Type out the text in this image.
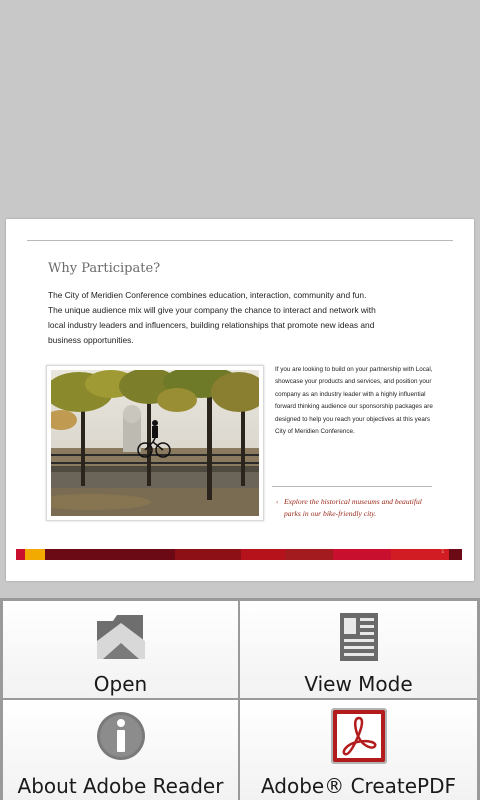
Why Participate?
The City of Meridien Conference combines education, interaction, community and fun. The unique audience mix will give your company the chance to interact and network with local industry leaders and influencers, building relationships that promote new ideas and business opportunities.
If you are looking to build on your partnership with Local, showcase your products and services, and position your company as an industry leader with a highly influential forward thinking audience our sponsorship packages are designed to help you reach your objectives at this years City of Meridien Conference.
‹ Explore the historical museums and beautiful parks in our bike-friendly city.
5
Open	View Mode
About Adobe Reader	Adobe® CreatePDF
